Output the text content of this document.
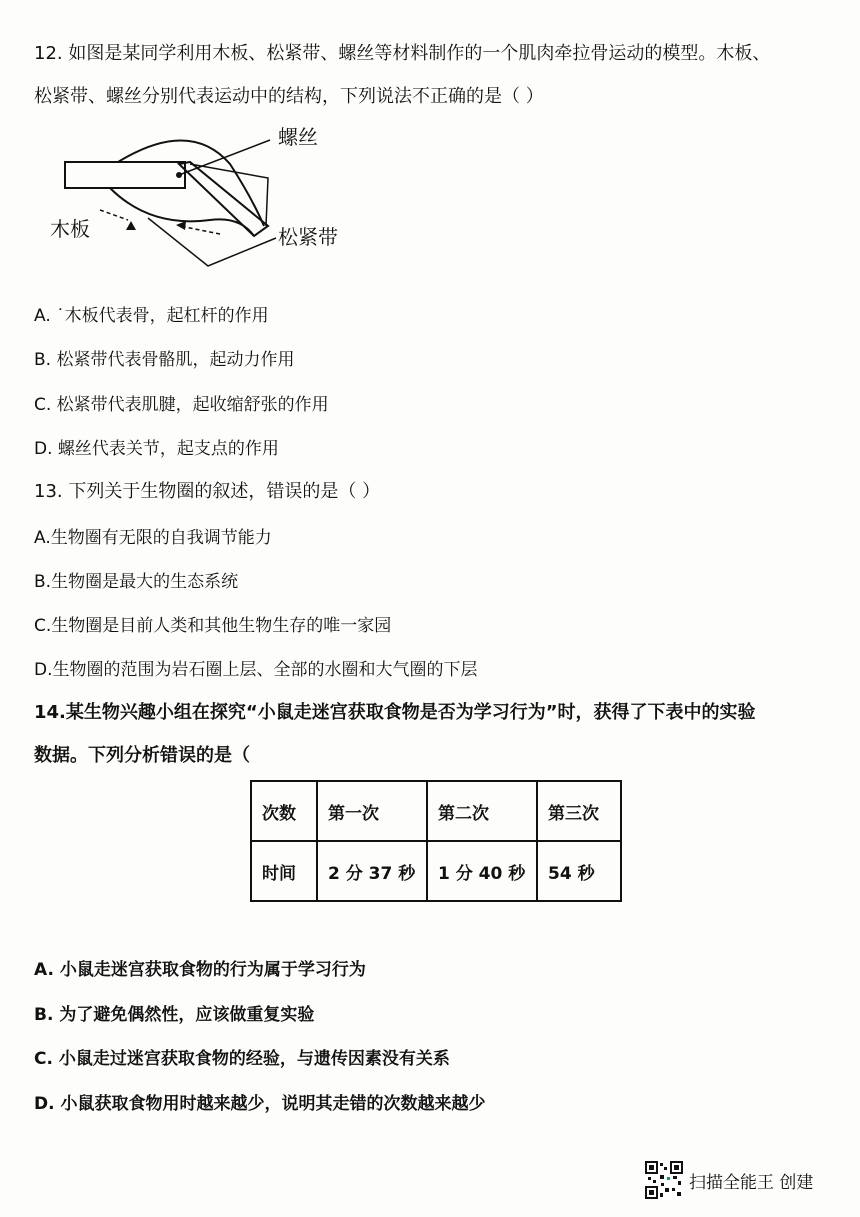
12. 如图是某同学利用木板、松紧带、螺丝等材料制作的一个肌肉牵拉骨运动的模型。木板、
松紧带、螺丝分别代表运动中的结构，下列说法不正确的是（ ）
螺丝
木板	松紧带
A. ˙木板代表骨，起杠杆的作用
B. 松紧带代表骨骼肌，起动力作用
C. 松紧带代表肌腱，起收缩舒张的作用
D. 螺丝代表关节，起支点的作用
13. 下列关于生物圈的叙述，错误的是（ ）
A.生物圈有无限的自我调节能力
B.生物圈是最大的生态系统
C.生物圈是目前人类和其他生物生存的唯一家园
D.生物圈的范围为岩石圈上层、全部的水圈和大气圈的下层
14.某生物兴趣小组在探究“小鼠走迷宫获取食物是否为学习行为”时，获得了下表中的实验
数据。下列分析错误的是（
次数	第一次	第二次	第三次
时间	2 分 37 秒	1 分 40 秒	54 秒
A. 小鼠走迷宫获取食物的行为属于学习行为
B. 为了避免偶然性，应该做重复实验
C. 小鼠走过迷宫获取食物的经验，与遗传因素没有关系
D. 小鼠获取食物用时越来越少，说明其走错的次数越来越少
扫描全能王 创建
